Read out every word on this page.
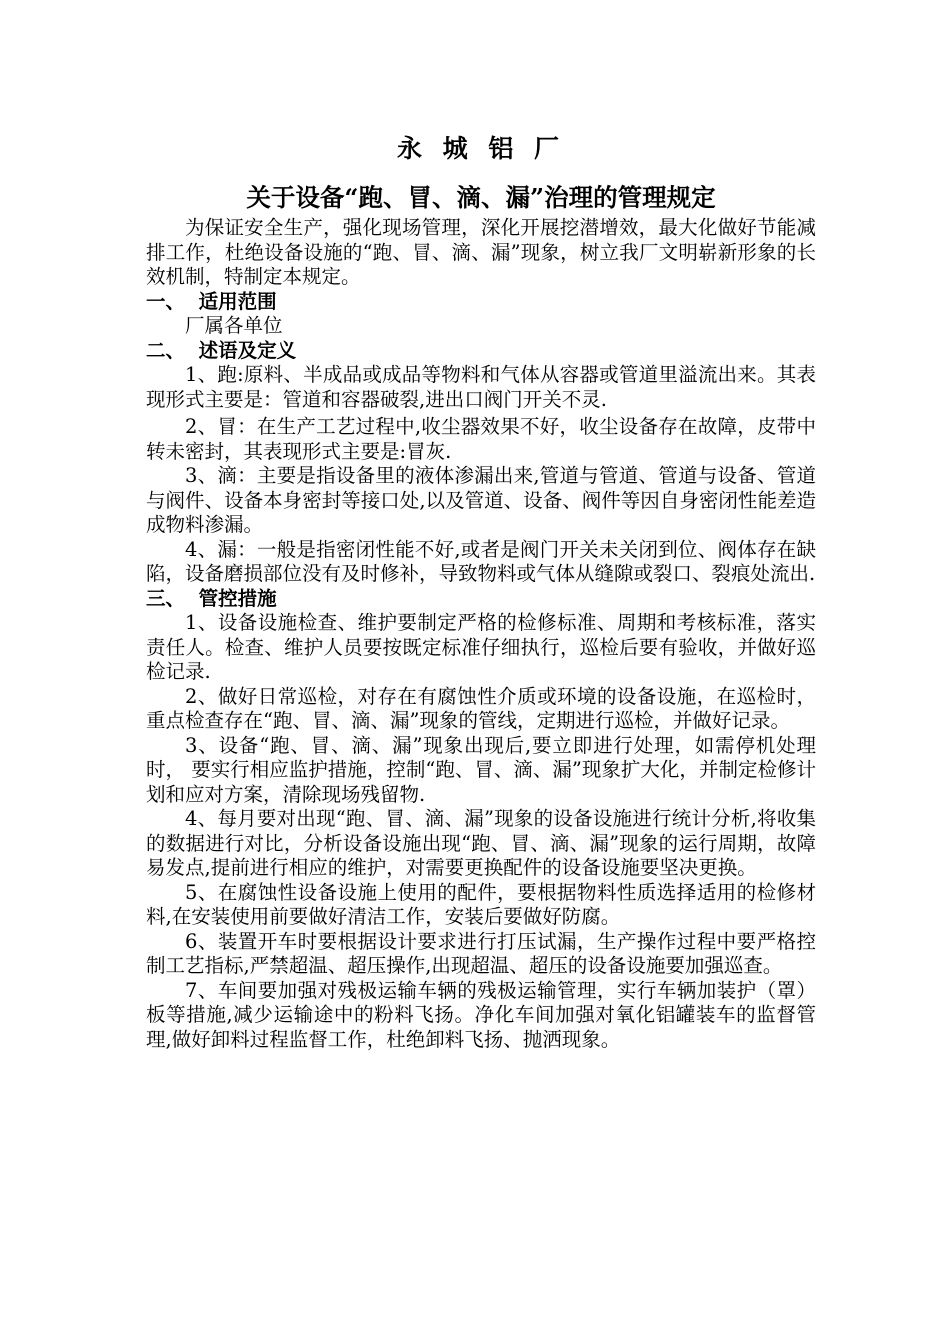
永 城 铝 厂
关于设备“跑、冒、滴、漏”治理的管理规定

为保证安全生产，强化现场管理，深化开展挖潜增效，最大化做好节能减排工作，杜绝设备设施的“跑、冒、滴、漏”现象，树立我厂文明崭新形象的长效机制，特制定本规定。

一、  适用范围

厂属各单位

二、  述语及定义

1、跑:原料、半成品或成品等物料和气体从容器或管道里溢流出来。其表现形式主要是：管道和容器破裂,进出口阀门开关不灵.

2、冒：在生产工艺过程中,收尘器效果不好，收尘设备存在故障，皮带中转未密封，其表现形式主要是:冒灰.

3、滴：主要是指设备里的液体渗漏出来,管道与管道、管道与设备、管道与阀件、设备本身密封等接口处,以及管道、设备、阀件等因自身密闭性能差造成物料渗漏。

4、漏：一般是指密闭性能不好,或者是阀门开关未关闭到位、阀体存在缺陷，设备磨损部位没有及时修补，导致物料或气体从缝隙或裂口、裂痕处流出.

三、  管控措施

1、设备设施检查、维护要制定严格的检修标准、周期和考核标准，落实责任人。检查、维护人员要按既定标准仔细执行，巡检后要有验收，并做好巡检记录.

2、做好日常巡检，对存在有腐蚀性介质或环境的设备设施，在巡检时，重点检查存在“跑、冒、滴、漏”现象的管线，定期进行巡检，并做好记录。

3、设备“跑、冒、滴、漏”现象出现后,要立即进行处理，如需停机处理时， 要实行相应监护措施，控制“跑、冒、滴、漏”现象扩大化，并制定检修计划和应对方案，清除现场残留物.

4、每月要对出现“跑、冒、滴、漏”现象的设备设施进行统计分析,将收集的数据进行对比，分析设备设施出现“跑、冒、滴、漏”现象的运行周期，故障易发点,提前进行相应的维护，对需要更换配件的设备设施要坚决更换。

5、在腐蚀性设备设施上使用的配件，要根据物料性质选择适用的检修材料,在安装使用前要做好清洁工作，安装后要做好防腐。

6、装置开车时要根据设计要求进行打压试漏，生产操作过程中要严格控制工艺指标,严禁超温、超压操作,出现超温、超压的设备设施要加强巡查。

7、车间要加强对残极运输车辆的残极运输管理，实行车辆加装护（罩）板等措施,减少运输途中的粉料飞扬。净化车间加强对氧化铝罐装车的监督管理,做好卸料过程监督工作，杜绝卸料飞扬、抛洒现象。
